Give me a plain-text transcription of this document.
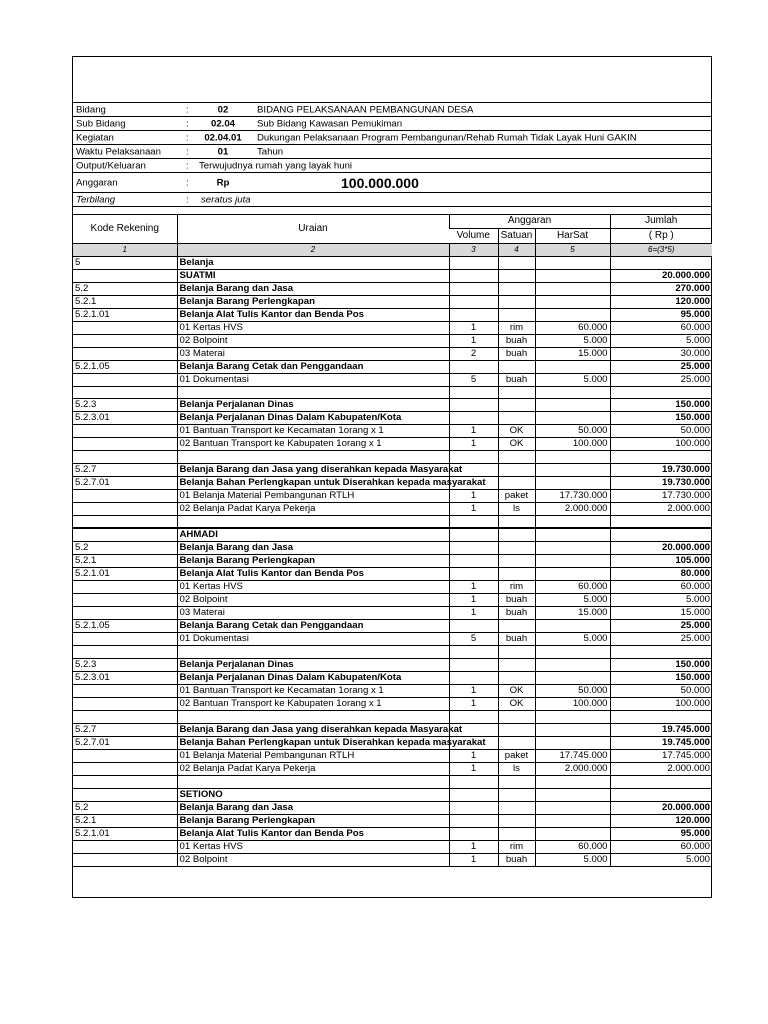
Bidang	:	02	BIDANG PELAKSANAAN PEMBANGUNAN DESA
Sub Bidang	:	02.04	Sub Bidang Kawasan Pemukiman
Kegiatan	: 02.04.01 Dukungan Pelaksanaan Program Pembangunan/Rehab Rumah Tidak Layak Huni GAKIN
Waktu Pelaksanaan	:	01	Tahun
Output/Keluaran	: Terwujudnya rumah yang layak huni
Anggaran	:	Rp	100.000.000
Terbilang	: seratus juta
Kode Rekening	Uraian	Anggaran			Jumlah
		Volume	Satuan	HarSat	( Rp )
1	2	3	4	5	6=(3*5)
5	Belanja				
	SUATMI				20.000.000
5.2	Belanja Barang dan Jasa				270.000
5.2.1	Belanja Barang Perlengkapan				120.000
5.2.1.01	Belanja Alat Tulis Kantor dan Benda Pos				95.000
	01 Kertas HVS	1	rim	60.000	60.000
	02 Bolpoint	1	buah	5.000	5.000
	03 Materai	2	buah	15.000	30.000
5.2.1.05	Belanja Barang Cetak dan Penggandaan				25.000
	01 Dokumentasi	5	buah	5.000	25.000

5.2.3	Belanja Perjalanan Dinas				150.000
5.2.3.01	Belanja Perjalanan Dinas Dalam Kabupaten/Kota				150.000
	01 Bantuan Transport ke Kecamatan 1orang x 1	1	OK	50.000	50.000
	02 Bantuan Transport ke Kabupaten 1orang x 1	1	OK	100.000	100.000

5.2.7	Belanja Barang dan Jasa yang diserahkan kepada Masyarakat				19.730.000
5.2.7.01	Belanja Bahan Perlengkapan untuk Diserahkan kepada masyarakat				19.730.000
	01 Belanja Material Pembangunan RTLH	1	paket	17.730.000	17.730.000
	02 Belanja Padat Karya Pekerja	1	ls	2.000.000	2.000.000

	AHMADI				
5.2	Belanja Barang dan Jasa				20.000.000
5.2.1	Belanja Barang Perlengkapan				105.000
5.2.1.01	Belanja Alat Tulis Kantor dan Benda Pos				80.000
	01 Kertas HVS	1	rim	60.000	60.000
	02 Bolpoint	1	buah	5.000	5.000
	03 Materai	1	buah	15.000	15.000
5.2.1.05	Belanja Barang Cetak dan Penggandaan				25.000
	01 Dokumentasi	5	buah	5.000	25.000

5.2.3	Belanja Perjalanan Dinas				150.000
5.2.3.01	Belanja Perjalanan Dinas Dalam Kabupaten/Kota				150.000
	01 Bantuan Transport ke Kecamatan 1orang x 1	1	OK	50.000	50.000
	02 Bantuan Transport ke Kabupaten 1orang x 1	1	OK	100.000	100.000

5.2.7	Belanja Barang dan Jasa yang diserahkan kepada Masyarakat				19.745.000
5.2.7.01	Belanja Bahan Perlengkapan untuk Diserahkan kepada masyarakat				19.745.000
	01 Belanja Material Pembangunan RTLH	1	paket	17.745.000	17.745.000
	02 Belanja Padat Karya Pekerja	1	ls	2.000.000	2.000.000

	SETIONO				
5.2	Belanja Barang dan Jasa				20.000.000
5.2.1	Belanja Barang Perlengkapan				120.000
5.2.1.01	Belanja Alat Tulis Kantor dan Benda Pos				95.000
	01 Kertas HVS	1	rim	60.000	60.000
	02 Bolpoint	1	buah	5.000	5.000
